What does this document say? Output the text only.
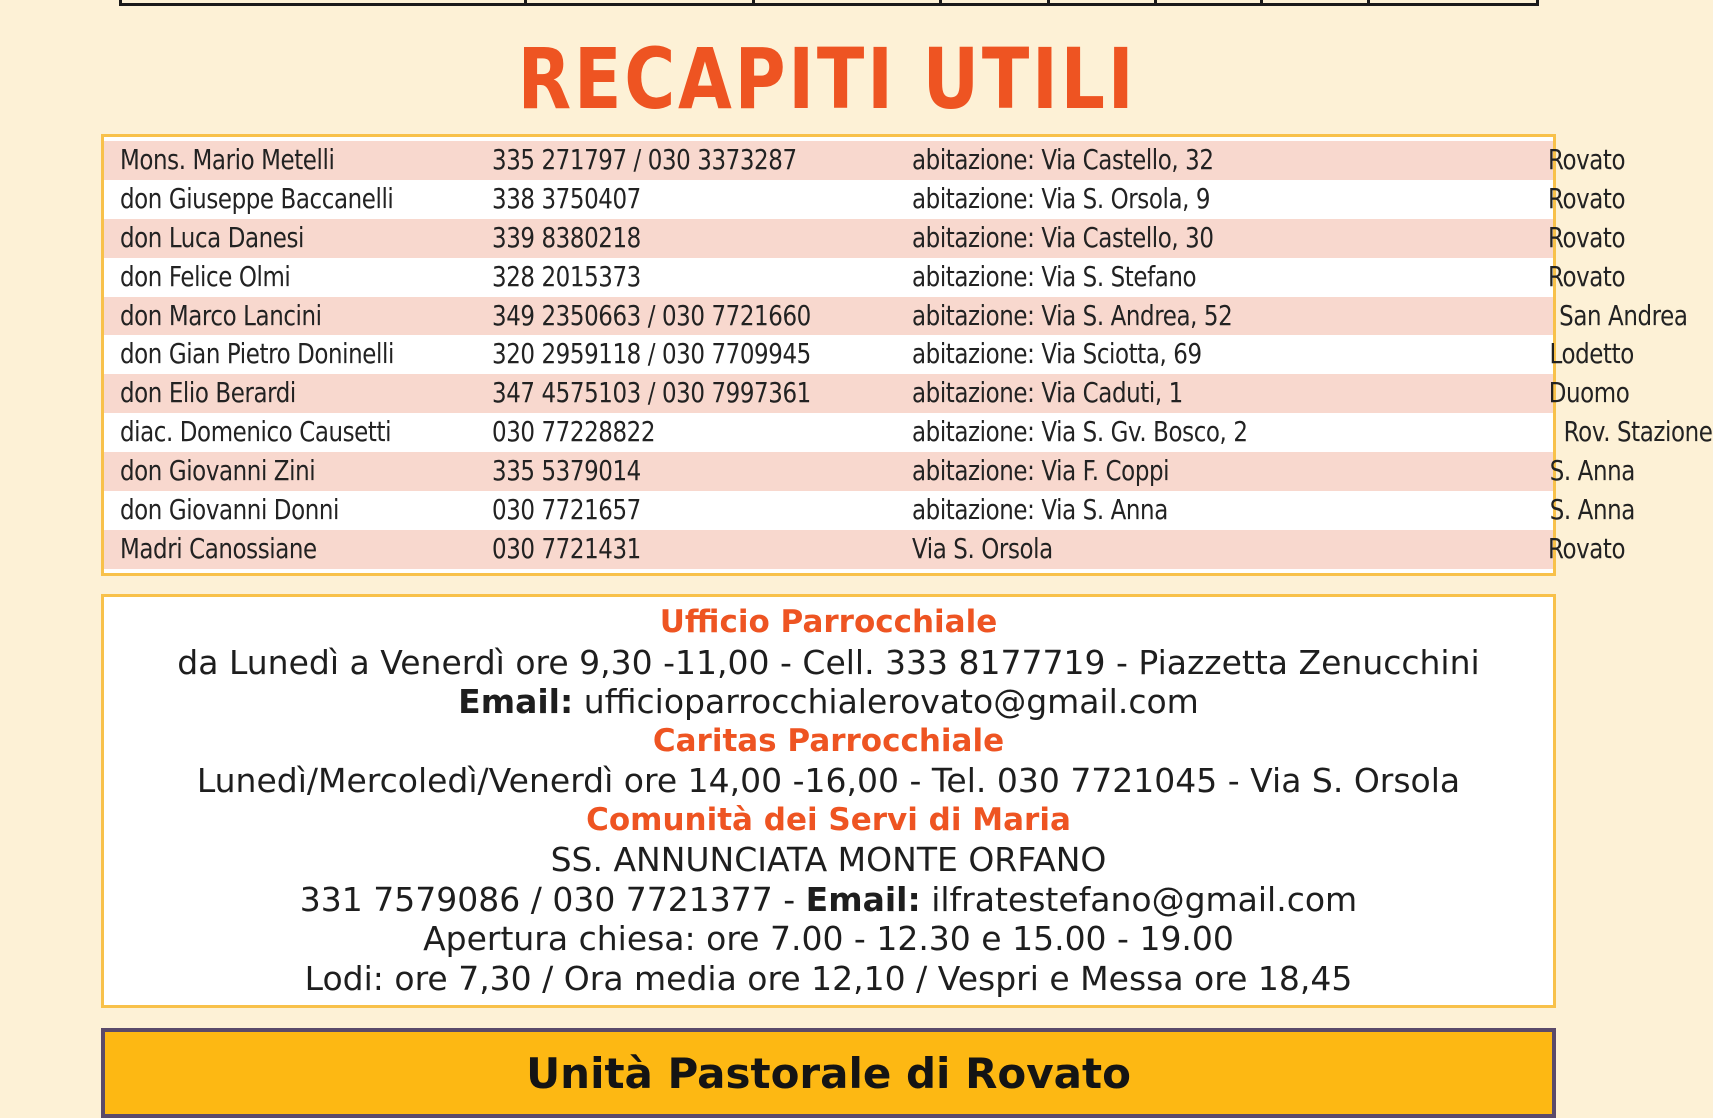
RECAPITI UTILI
Mons. Mario Metelli	335 271797 / 030 3373287	abitazione: Via Castello, 32	Rovato
don Giuseppe Baccanelli	338 3750407	abitazione: Via S. Orsola, 9	Rovato
don Luca Danesi	339 8380218	abitazione: Via Castello, 30	Rovato
don Felice Olmi	328 2015373	abitazione: Via S. Stefano	Rovato
don Marco Lancini	349 2350663 / 030 7721660	abitazione: Via S. Andrea, 52	San Andrea
don Gian Pietro Doninelli	320 2959118 / 030 7709945	abitazione: Via Sciotta, 69	Lodetto
don Elio Berardi	347 4575103 / 030 7997361	abitazione: Via Caduti, 1	Duomo
diac. Domenico Causetti	030 77228822	abitazione: Via S. Gv. Bosco, 2	Rov. Stazione
don Giovanni Zini	335 5379014	abitazione: Via F. Coppi	S. Anna
don Giovanni Donni	030 7721657	abitazione: Via S. Anna	S. Anna
Madri Canossiane	030 7721431	Via S. Orsola	Rovato
Ufficio Parrocchiale
da Lunedì a Venerdì ore 9,30 -11,00 - Cell. 333 8177719 - Piazzetta Zenucchini
Email: ufficioparrocchialerovato@gmail.com
Caritas Parrocchiale
Lunedì/Mercoledì/Venerdì ore 14,00 -16,00 - Tel. 030 7721045 - Via S. Orsola
Comunità dei Servi di Maria
SS. ANNUNCIATA MONTE ORFANO
331 7579086 / 030 7721377 - Email: ilfratestefano@gmail.com
Apertura chiesa: ore 7.00 - 12.30 e 15.00 - 19.00
Lodi: ore 7,30 / Ora media ore 12,10 / Vespri e Messa ore 18,45
Unità Pastorale di Rovato
